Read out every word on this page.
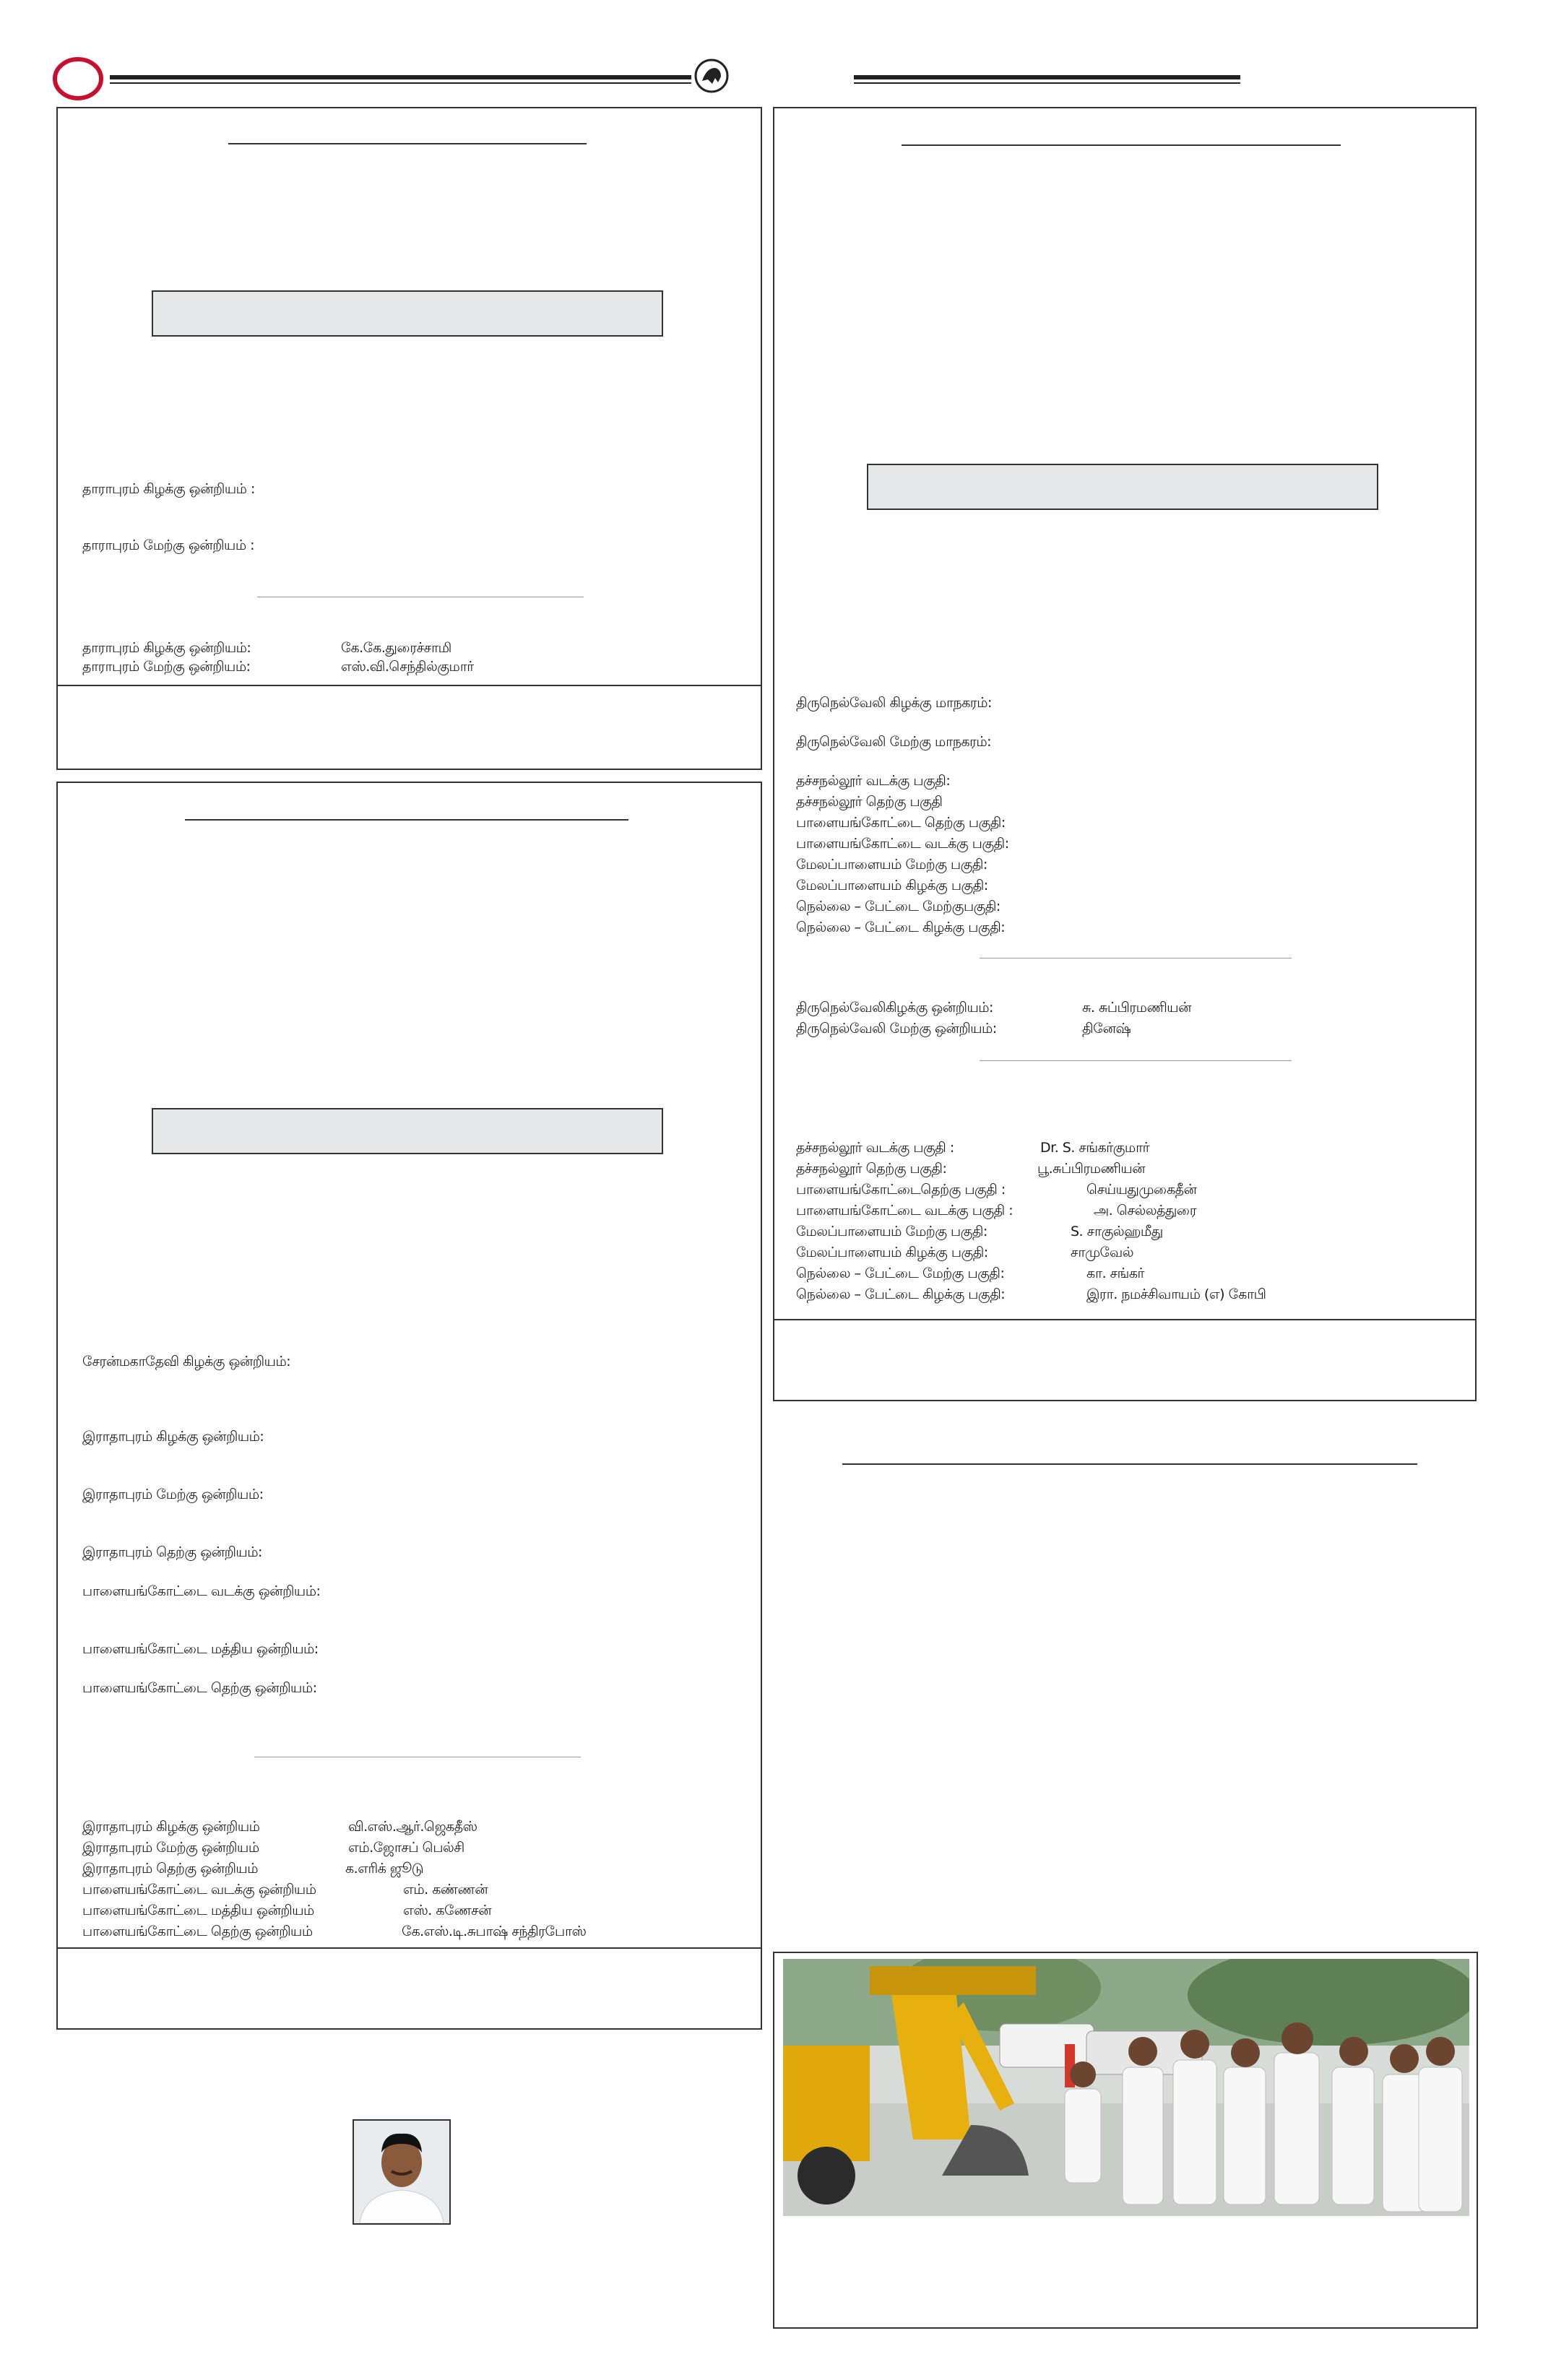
தாராபுரம் கிழக்கு ஒன்றியம் :
தாராபுரம் மேற்கு ஒன்றியம் :
தாராபுரம் கிழக்கு ஒன்றியம்:	கே.கே.துரைச்சாமி
தாராபுரம் மேற்கு ஒன்றியம்:	எஸ்.வி.செந்தில்குமார்
சேரன்மகாதேவி கிழக்கு ஒன்றியம்:
இராதாபுரம் கிழக்கு ஒன்றியம்:
இராதாபுரம் மேற்கு ஒன்றியம்:
இராதாபுரம் தெற்கு ஒன்றியம்:
பாளையங்கோட்டை வடக்கு ஒன்றியம்:
பாளையங்கோட்டை மத்திய ஒன்றியம்:
பாளையங்கோட்டை தெற்கு ஒன்றியம்:
இராதாபுரம் கிழக்கு ஒன்றியம்	வி.எஸ்.ஆர்.ஜெகதீஸ்
இராதாபுரம் மேற்கு ஒன்றியம்	எம்.ஜோசப் பெல்சி
இராதாபுரம் தெற்கு ஒன்றியம்	க.எரிக் ஜூடு
பாளையங்கோட்டை வடக்கு ஒன்றியம்	எம். கண்ணன்
பாளையங்கோட்டை மத்திய ஒன்றியம்	எஸ். கணேசன்
பாளையங்கோட்டை தெற்கு ஒன்றியம்	கே.எஸ்.டி.சுபாஷ் சந்திரபோஸ்
திருநெல்வேலி கிழக்கு மாநகரம்:
திருநெல்வேலி மேற்கு மாநகரம்:
தச்சநல்லூர் வடக்கு பகுதி:
தச்சநல்லூர் தெற்கு பகுதி
பாளையங்கோட்டை தெற்கு பகுதி:
பாளையங்கோட்டை வடக்கு பகுதி:
மேலப்பாளையம் மேற்கு பகுதி:
மேலப்பாளையம் கிழக்கு பகுதி:
நெல்லை – பேட்டை மேற்குபகுதி:
நெல்லை – பேட்டை கிழக்கு பகுதி:
திருநெல்வேலிகிழக்கு ஒன்றியம்:	சு. சுப்பிரமணியன்
திருநெல்வேலி மேற்கு ஒன்றியம்:	தினேஷ்
தச்சநல்லூர் வடக்கு பகுதி :	Dr. S. சங்கர்குமார்
தச்சநல்லூர் தெற்கு பகுதி:	பூ.சுப்பிரமணியன்
பாளையங்கோட்டைதெற்கு பகுதி :	செய்யதுமுகைதீன்
பாளையங்கோட்டை வடக்கு பகுதி :	அ. செல்லத்துரை
மேலப்பாளையம் மேற்கு பகுதி:	S. சாகுல்ஹமீது
மேலப்பாளையம் கிழக்கு பகுதி:	சாமுவேல்
நெல்லை – பேட்டை மேற்கு பகுதி:	கா. சங்கர்
நெல்லை – பேட்டை கிழக்கு பகுதி:	இரா. நமச்சிவாயம் (எ) கோபி
